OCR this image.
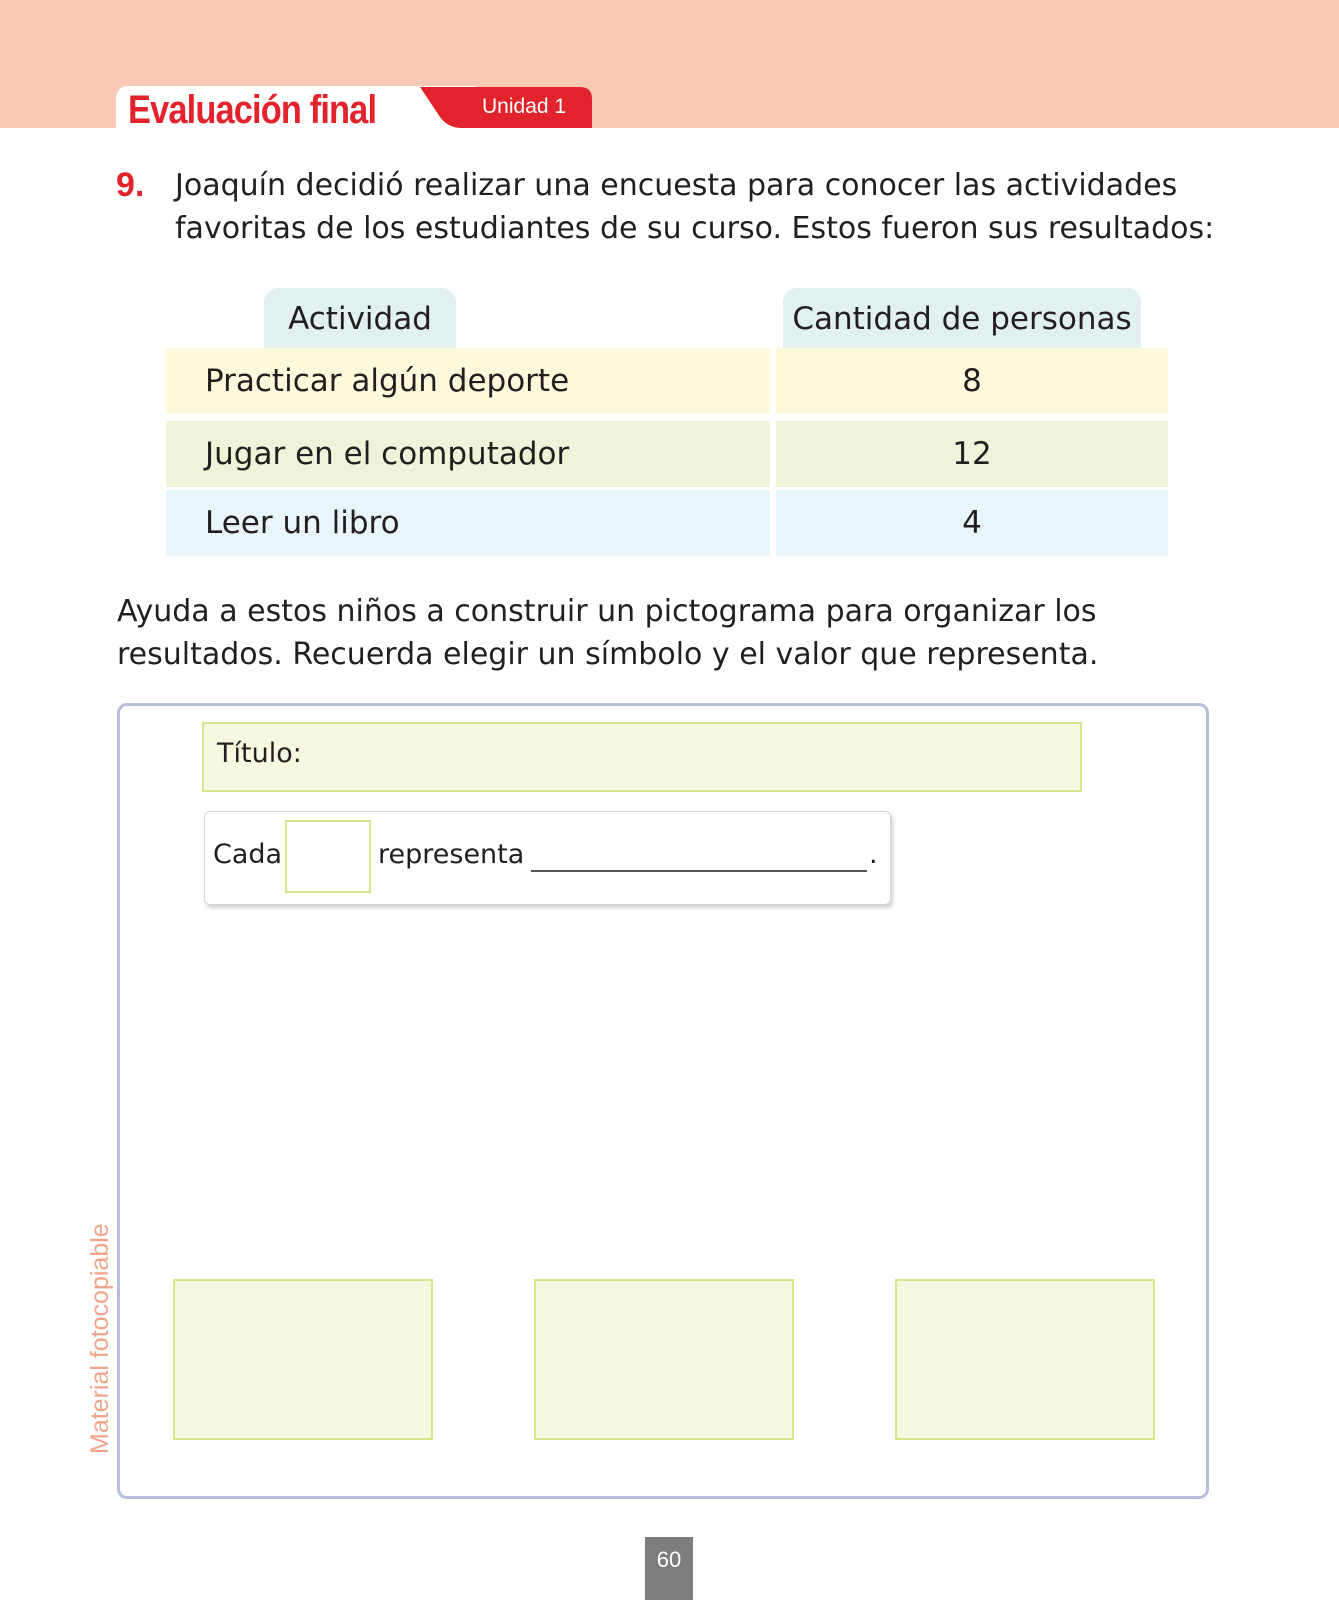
Evaluación final	Unidad 1
9. Joaquín decidió realizar una encuesta para conocer las actividades favoritas de los estudiantes de su curso. Estos fueron sus resultados:

Actividad	Cantidad de personas
Practicar algún deporte	8
Jugar en el computador	12
Leer un libro	4

Ayuda a estos niños a construir un pictograma para organizar los resultados. Recuerda elegir un símbolo y el valor que representa.

Título:
Cada	representa	.
Material fotocopiable
60
